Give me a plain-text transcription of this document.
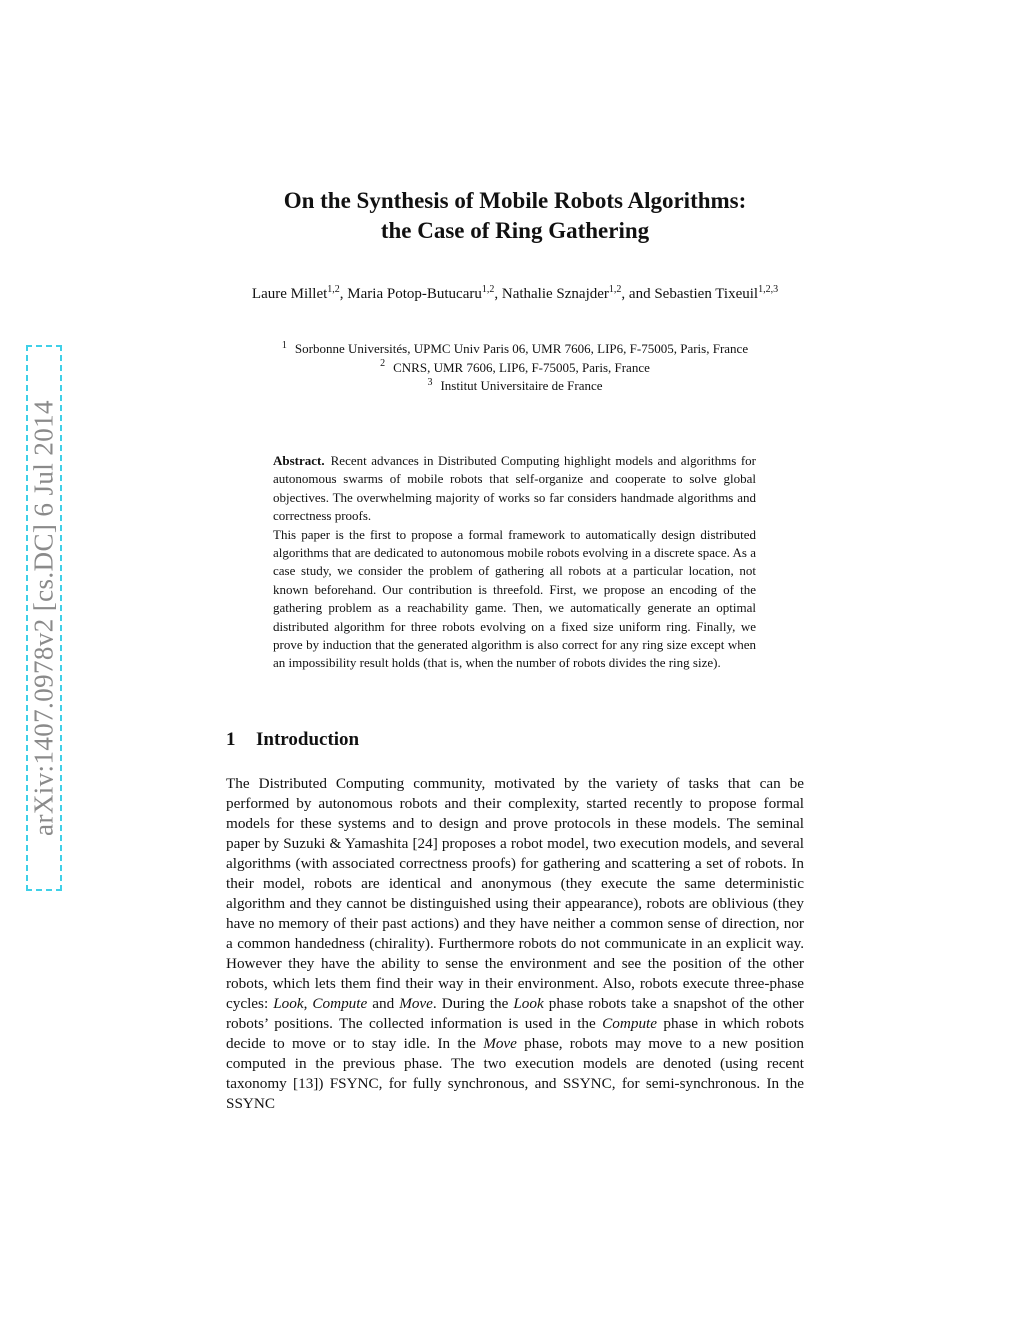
arXiv:1407.0978v2 [cs.DC] 6 Jul 2014
On the Synthesis of Mobile Robots Algorithms:
the Case of Ring Gathering
Laure Millet$^{1,2}$, Maria Potop-Butucaru$^{1,2}$, Nathalie Sznajder$^{1,2}$, and Sebastien Tixeuil$^{1,2,3}$
$^1$ Sorbonne Universités, UPMC Univ Paris 06, UMR 7606, LIP6, F-75005, Paris, France
$^2$ CNRS, UMR 7606, LIP6, F-75005, Paris, France
$^3$ Institut Universitaire de France

Abstract. Recent advances in Distributed Computing highlight models and algorithms for autonomous swarms of mobile robots that self-organize and cooperate to solve global objectives. The overwhelming majority of works so far considers handmade algorithms and correctness proofs.

This paper is the first to propose a formal framework to automatically design distributed algorithms that are dedicated to autonomous mobile robots evolving in a discrete space. As a case study, we consider the problem of gathering all robots at a particular location, not known beforehand. Our contribution is threefold. First, we propose an encoding of the gathering problem as a reachability game. Then, we automatically generate an optimal distributed algorithm for three robots evolving on a fixed size uniform ring. Finally, we prove by induction that the generated algorithm is also correct for any ring size except when an impossibility result holds (that is, when the number of robots divides the ring size).

1 Introduction

The Distributed Computing community, motivated by the variety of tasks that can be performed by autonomous robots and their complexity, started recently to propose formal models for these systems and to design and prove protocols in these models. The seminal paper by Suzuki & Yamashita [24] proposes a robot model, two execution models, and several algorithms (with associated correctness proofs) for gathering and scattering a set of robots. In their model, robots are identical and anonymous (they execute the same deterministic algorithm and they cannot be distinguished using their appearance), robots are oblivious (they have no memory of their past actions) and they have neither a common sense of direction, nor a common handedness (chirality). Furthermore robots do not communicate in an explicit way. However they have the ability to sense the environment and see the position of the other robots, which lets them find their way in their environment. Also, robots execute three-phase cycles: Look, Compute and Move. During the Look phase robots take a snapshot of the other robots’ positions. The collected information is used in the Compute phase in which robots decide to move or to stay idle. In the Move phase, robots may move to a new position computed in the previous phase. The two execution models are denoted (using recent taxonomy [13]) FSYNC, for fully synchronous, and SSYNC, for semi-synchronous. In the SSYNC
